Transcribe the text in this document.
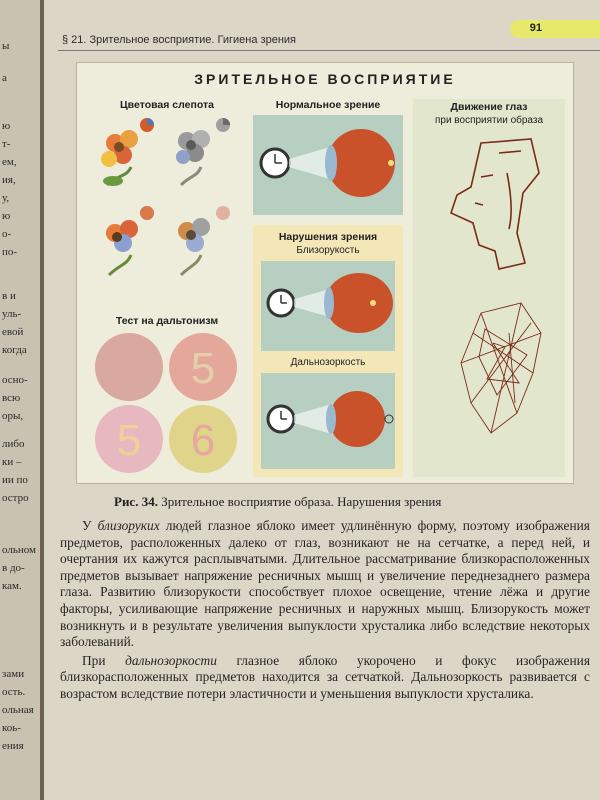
ы
а
ю
т-
ем,
ия,
у,
ю
о-
по-
в и
уль-
евой
когда
осно-
всю
оры,
либо
ки –
ии по
остро
ольном
в до-
кам.
зами
ость.
ольная
коь-
ения
91
§ 21. Зрительное восприятие. Гигиена зрения
ЗРИТЕЛЬНОЕ ВОСПРИЯТИЕ
Цветовая слепота
Тест на дальтонизм
5
5 6
Нормальное зрение
Нарушения зрения
Близорукость
Дальнозоркость
Движение глаз
при восприятии образа
Рис. 34. Зрительное восприятие образа. Нарушения зрения

У близоруких людей глазное яблоко имеет удлинённую форму, поэтому изображения предметов, расположенных далеко от глаз, возникают не на сетчатке, а перед ней, и очертания их кажутся расплывчатыми. Длительное рассматривание близкорасположенных предметов вызывает напряжение ресничных мышц и увеличение переднезаднего размера глаза. Развитию близорукости способствует плохое освещение, чтение лёжа и другие факторы, усиливающие напряжение ресничных и наружных мышц. Близорукость может возникнуть и в результате увеличения выпуклости хрусталика либо вследствие некоторых заболеваний.

При дальнозоркости глазное яблоко укорочено и фокус изображения близкорасположенных предметов находится за сетчаткой. Дальнозоркость развивается с возрастом вследствие потери эластичности и уменьшения выпуклости хрусталика.
